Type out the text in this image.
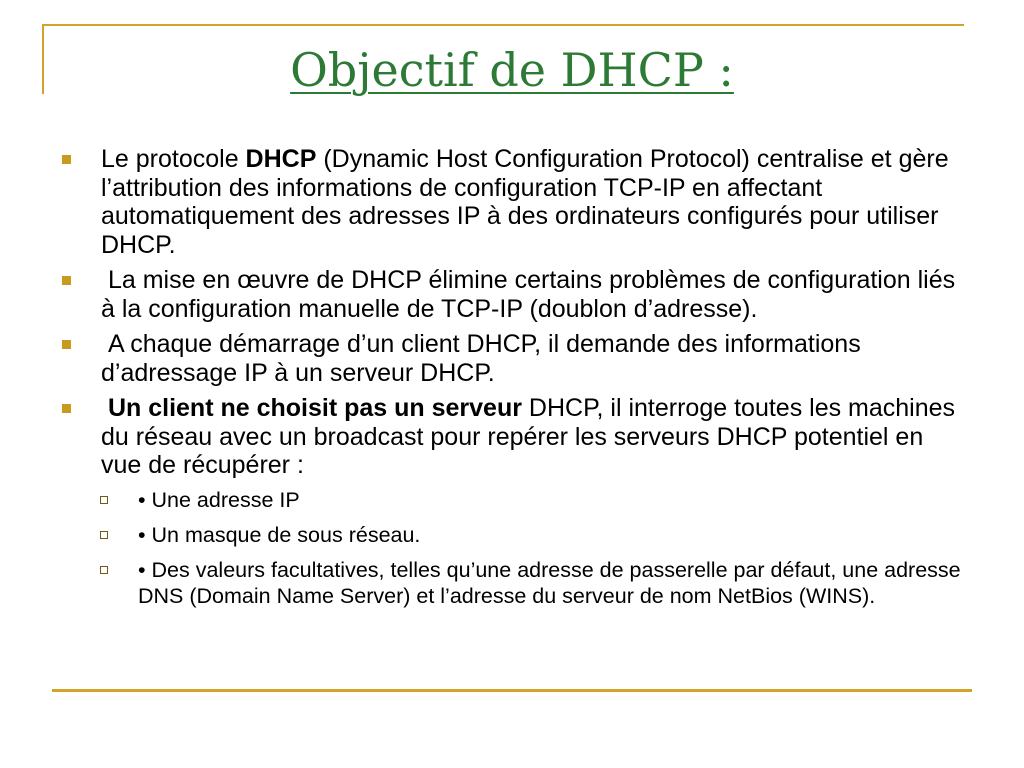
Objectif de DHCP :
Le protocole DHCP (Dynamic Host Configuration Protocol) centralise et gère l’attribution des informations de configuration TCP-IP en affectant automatiquement des adresses IP à des ordinateurs configurés pour utiliser DHCP.
La mise en œuvre de DHCP élimine certains problèmes de configuration liés à la configuration manuelle de TCP-IP (doublon d’adresse).
A chaque démarrage d’un client DHCP, il demande des informations d’adressage IP à un serveur DHCP.
Un client ne choisit pas un serveur DHCP, il interroge toutes les machines du réseau avec un broadcast pour repérer les serveurs DHCP potentiel en vue de récupérer :
• Une adresse IP
• Un masque de sous réseau.
• Des valeurs facultatives, telles qu’une adresse de passerelle par défaut, une adresse DNS (Domain Name Server) et l’adresse du serveur de nom NetBios (WINS).
